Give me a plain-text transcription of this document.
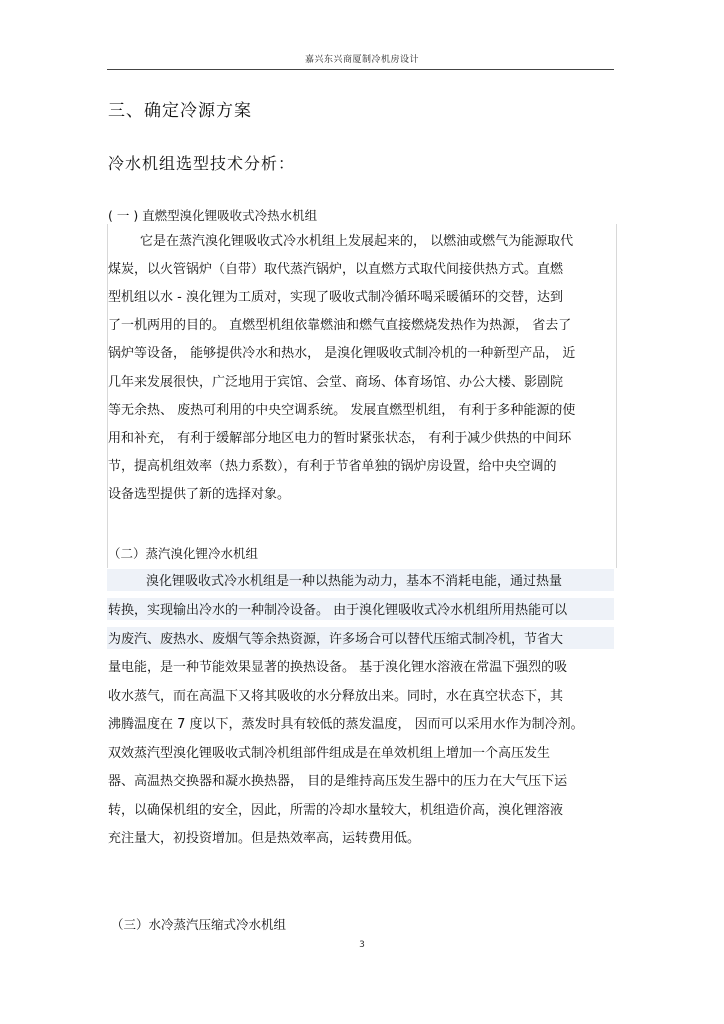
嘉兴东兴商厦制冷机房设计
三、确定冷源方案
冷水机组选型技术分析：
( 一 ) 直燃型溴化锂吸收式冷热水机组
它是在蒸汽溴化锂吸收式冷水机组上发展起来的， 以燃油或燃气为能源取代
煤炭，以火管锅炉（自带）取代蒸汽锅炉，以直燃方式取代间接供热方式。直燃
型机组以水 - 溴化锂为工质对，实现了吸收式制冷循环喝采暖循环的交替，达到
了一机两用的目的。 直燃型机组依靠燃油和燃气直接燃烧发热作为热源， 省去了
锅炉等设备， 能够提供冷水和热水， 是溴化锂吸收式制冷机的一种新型产品， 近
几年来发展很快，广泛地用于宾馆、会堂、商场、体育场馆、办公大楼、影剧院
等无余热、 废热可利用的中央空调系统。 发展直燃型机组， 有利于多种能源的使
用和补充， 有利于缓解部分地区电力的暂时紧张状态， 有利于减少供热的中间环
节，提高机组效率（热力系数），有利于节省单独的锅炉房设置，给中央空调的
设备选型提供了新的选择对象。
（二）蒸汽溴化锂冷水机组
溴化锂吸收式冷水机组是一种以热能为动力，基本不消耗电能，通过热量
转换，实现输出冷水的一种制冷设备。 由于溴化锂吸收式冷水机组所用热能可以
为废汽、废热水、废烟气等余热资源，许多场合可以替代压缩式制冷机，节省大
量电能，是一种节能效果显著的换热设备。 基于溴化锂水溶液在常温下强烈的吸
收水蒸气，而在高温下又将其吸收的水分释放出来。同时，水在真空状态下，其
沸腾温度在 7 度以下，蒸发时具有较低的蒸发温度， 因而可以采用水作为制冷剂。
双效蒸汽型溴化锂吸收式制冷机组部件组成是在单效机组上增加一个高压发生
器、高温热交换器和凝水换热器， 目的是维持高压发生器中的压力在大气压下运
转，以确保机组的安全，因此，所需的冷却水量较大，机组造价高，溴化锂溶液
充注量大，初投资增加。但是热效率高，运转费用低。
（三）水冷蒸汽压缩式冷水机组
3
